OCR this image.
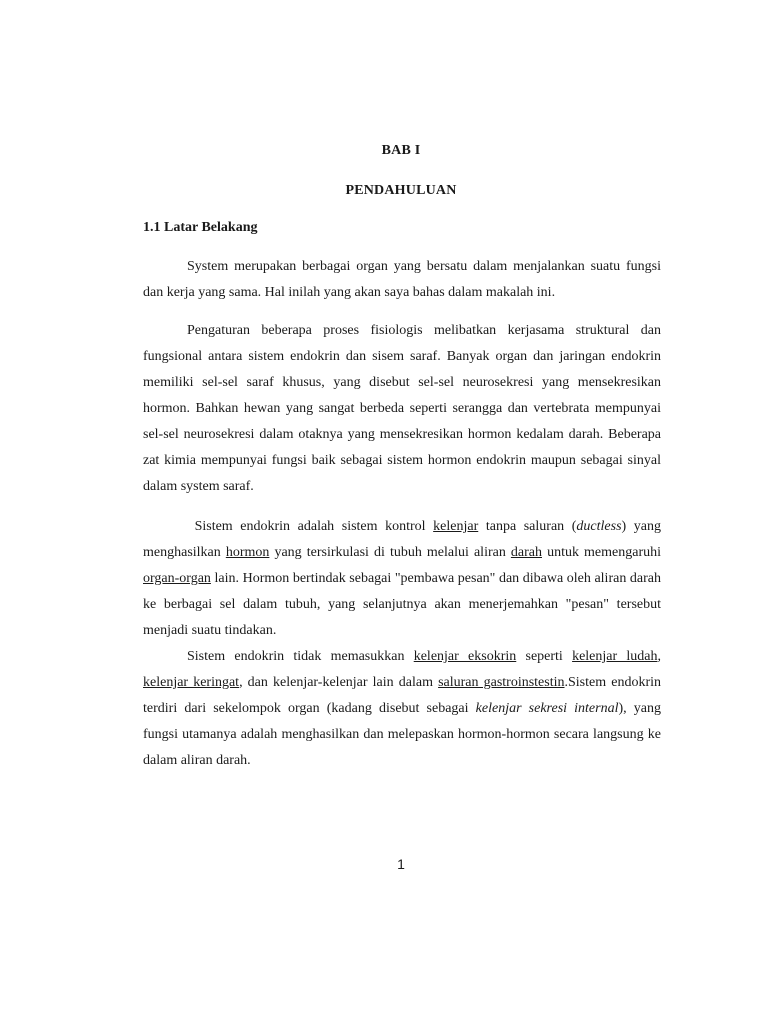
BAB I
PENDAHULUAN
1.1 Latar Belakang

System merupakan berbagai organ yang bersatu dalam menjalankan suatu fungsi dan kerja yang sama. Hal inilah yang akan saya bahas dalam makalah ini.

Pengaturan beberapa proses fisiologis melibatkan kerjasama struktural dan fungsional antara sistem endokrin dan sisem saraf. Banyak organ dan jaringan endokrin memiliki sel-sel saraf khusus, yang disebut sel-sel neurosekresi yang mensekresikan hormon. Bahkan hewan yang sangat berbeda seperti serangga dan vertebrata mempunyai sel-sel neurosekresi dalam otaknya yang mensekresikan hormon kedalam darah. Beberapa zat kimia mempunyai fungsi baik sebagai sistem hormon endokrin maupun sebagai sinyal dalam system saraf.

Sistem endokrin adalah sistem kontrol kelenjar tanpa saluran (ductless) yang menghasilkan hormon yang tersirkulasi di tubuh melalui aliran darah untuk memengaruhi organ-organ lain. Hormon bertindak sebagai "pembawa pesan" dan dibawa oleh aliran darah ke berbagai sel dalam tubuh, yang selanjutnya akan menerjemahkan "pesan" tersebut menjadi suatu tindakan.

Sistem endokrin tidak memasukkan kelenjar eksokrin seperti kelenjar ludah, kelenjar keringat, dan kelenjar-kelenjar lain dalam saluran gastroinstestin.Sistem endokrin terdiri dari sekelompok organ (kadang disebut sebagai kelenjar sekresi internal), yang fungsi utamanya adalah menghasilkan dan melepaskan hormon-hormon secara langsung ke dalam aliran darah.

1
